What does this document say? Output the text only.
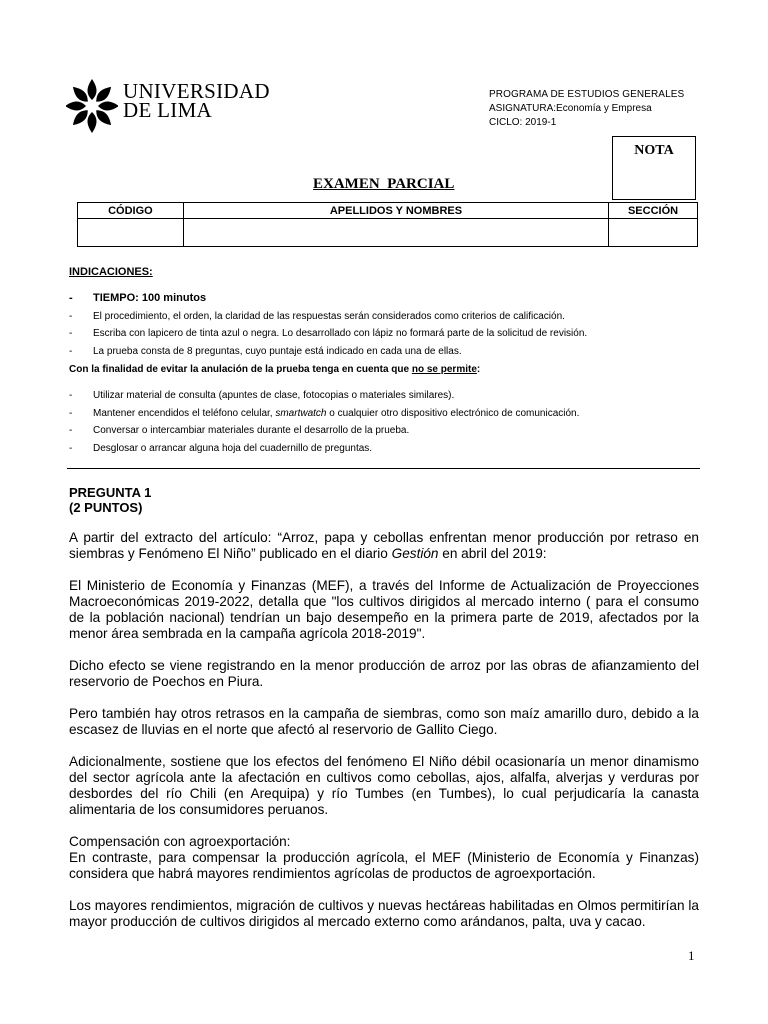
UNIVERSIDAD
DE LIMA
PROGRAMA DE ESTUDIOS GENERALES
ASIGNATURA:Economía y Empresa
CICLO: 2019-1
NOTA
EXAMEN  PARCIAL
CÓDIGO	APELLIDOS Y NOMBRES	SECCIÓN

INDICACIONES:
- TIEMPO: 100 minutos
- El procedimiento, el orden, la claridad de las respuestas serán considerados como criterios de calificación.
- Escriba con lapicero de tinta azul o negra. Lo desarrollado con lápiz no formará parte de la solicitud de revisión.
- La prueba consta de 8 preguntas, cuyo puntaje está indicado en cada una de ellas.
Con la finalidad de evitar la anulación de la prueba tenga en cuenta que no se permite:
- Utilizar material de consulta (apuntes de clase, fotocopias o materiales similares).
- Mantener encendidos el teléfono celular, smartwatch o cualquier otro dispositivo electrónico de comunicación.
- Conversar o intercambiar materiales durante el desarrollo de la prueba.
- Desglosar o arrancar alguna hoja del cuadernillo de preguntas.
PREGUNTA 1
(2 PUNTOS)

A partir del extracto del artículo: “Arroz, papa y cebollas enfrentan menor producción por retraso en siembras y Fenómeno El Niño” publicado en el diario Gestión en abril del 2019:

El Ministerio de Economía y Finanzas (MEF), a través del Informe de Actualización de Proyecciones Macroeconómicas 2019-2022, detalla que "los cultivos dirigidos al mercado interno ( para el consumo de la población nacional) tendrían un bajo desempeño en la primera parte de 2019, afectados por la menor área sembrada en la campaña agrícola 2018-2019".

Dicho efecto se viene registrando en la menor producción de arroz por las obras de afianzamiento del reservorio de Poechos en Piura.

Pero también hay otros retrasos en la campaña de siembras, como son maíz amarillo duro, debido a la escasez de lluvias en el norte que afectó al reservorio de Gallito Ciego.

Adicionalmente, sostiene que los efectos del fenómeno El Niño débil ocasionaría un menor dinamismo del sector agrícola ante la afectación en cultivos como cebollas, ajos, alfalfa, alverjas y verduras por desbordes del río Chili (en Arequipa) y río Tumbes (en Tumbes), lo cual perjudicaría la canasta alimentaria de los consumidores peruanos.

Compensación con agroexportación:
En contraste, para compensar la producción agrícola, el MEF (Ministerio de Economía y Finanzas) considera que habrá mayores rendimientos agrícolas de productos de agroexportación.

Los mayores rendimientos, migración de cultivos y nuevas hectáreas habilitadas en Olmos permitirían la mayor producción de cultivos dirigidos al mercado externo como arándanos, palta, uva y cacao.

1
